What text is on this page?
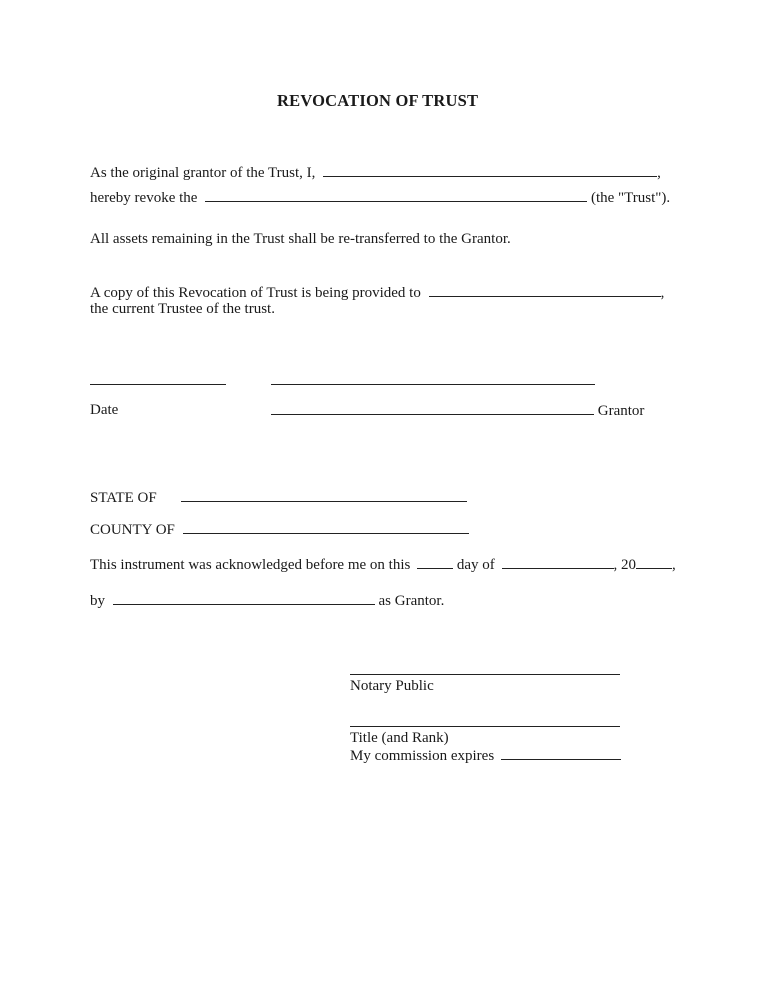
REVOCATION OF TRUST
As the original grantor of the Trust, I,	,
hereby revoke the	(the "Trust").
All assets remaining in the Trust shall be re-transferred to the Grantor.
A copy of this Revocation of Trust is being provided to	,
the current Trustee of the trust.
Date	Grantor
STATE OF
COUNTY OF
This instrument was acknowledged before me on this	day of	, 20 ,
by	as Grantor.
Notary Public
Title (and Rank)
My commission expires
